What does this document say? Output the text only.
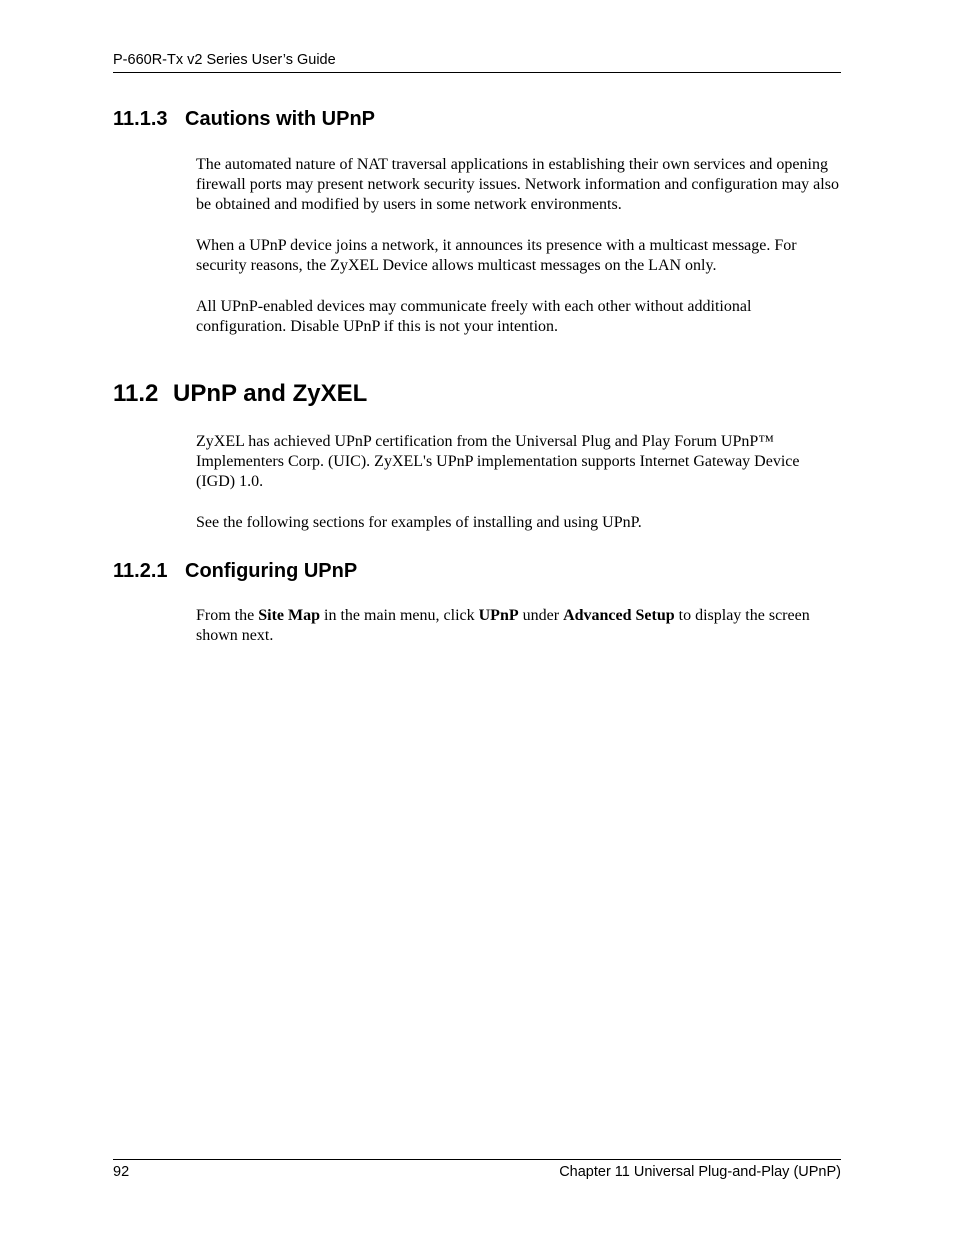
P-660R-Tx v2 Series User’s Guide
11.1.3 Cautions with UPnP

The automated nature of NAT traversal applications in establishing their own services and opening firewall ports may present network security issues. Network information and configuration may also be obtained and modified by users in some network environments.

When a UPnP device joins a network, it announces its presence with a multicast message. For security reasons, the ZyXEL Device allows multicast messages on the LAN only.

All UPnP-enabled devices may communicate freely with each other without additional configuration. Disable UPnP if this is not your intention.

11.2 UPnP and ZyXEL

ZyXEL has achieved UPnP certification from the Universal Plug and Play Forum UPnP™ Implementers Corp. (UIC). ZyXEL's UPnP implementation supports Internet Gateway Device (IGD) 1.0.

See the following sections for examples of installing and using UPnP.

11.2.1 Configuring UPnP

From the Site Map in the main menu, click UPnP under Advanced Setup to display the screen shown next.

92	Chapter 11 Universal Plug-and-Play (UPnP)
